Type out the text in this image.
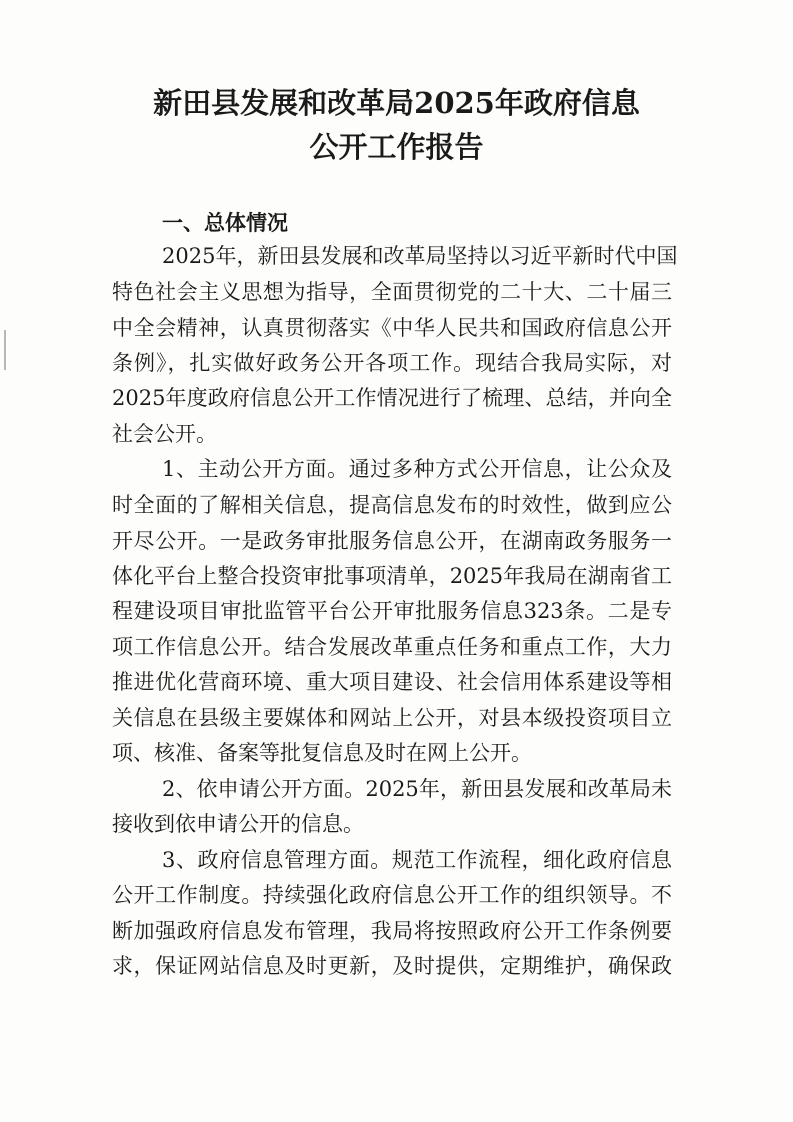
新田县发展和改革局2025年政府信息
公开工作报告
一、总体情况

2025年，新田县发展和改革局坚持以习近平新时代中国

特色社会主义思想为指导，全面贯彻党的二十大、二十届三

中全会精神，认真贯彻落实《中华人民共和国政府信息公开

条例》，扎实做好政务公开各项工作。现结合我局实际，对

2025年度政府信息公开工作情况进行了梳理、总结，并向全

社会公开。

1、主动公开方面。通过多种方式公开信息，让公众及

时全面的了解相关信息，提高信息发布的时效性，做到应公

开尽公开。一是政务审批服务信息公开，在湖南政务服务一

体化平台上整合投资审批事项清单，2025年我局在湖南省工

程建设项目审批监管平台公开审批服务信息323条。二是专

项工作信息公开。结合发展改革重点任务和重点工作，大力

推进优化营商环境、重大项目建设、社会信用体系建设等相

关信息在县级主要媒体和网站上公开，对县本级投资项目立

项、核准、备案等批复信息及时在网上公开。

2、依申请公开方面。2025年，新田县发展和改革局未

接收到依申请公开的信息。

3、政府信息管理方面。规范工作流程，细化政府信息

公开工作制度。持续强化政府信息公开工作的组织领导。不

断加强政府信息发布管理，我局将按照政府公开工作条例要

求，保证网站信息及时更新，及时提供，定期维护，确保政
